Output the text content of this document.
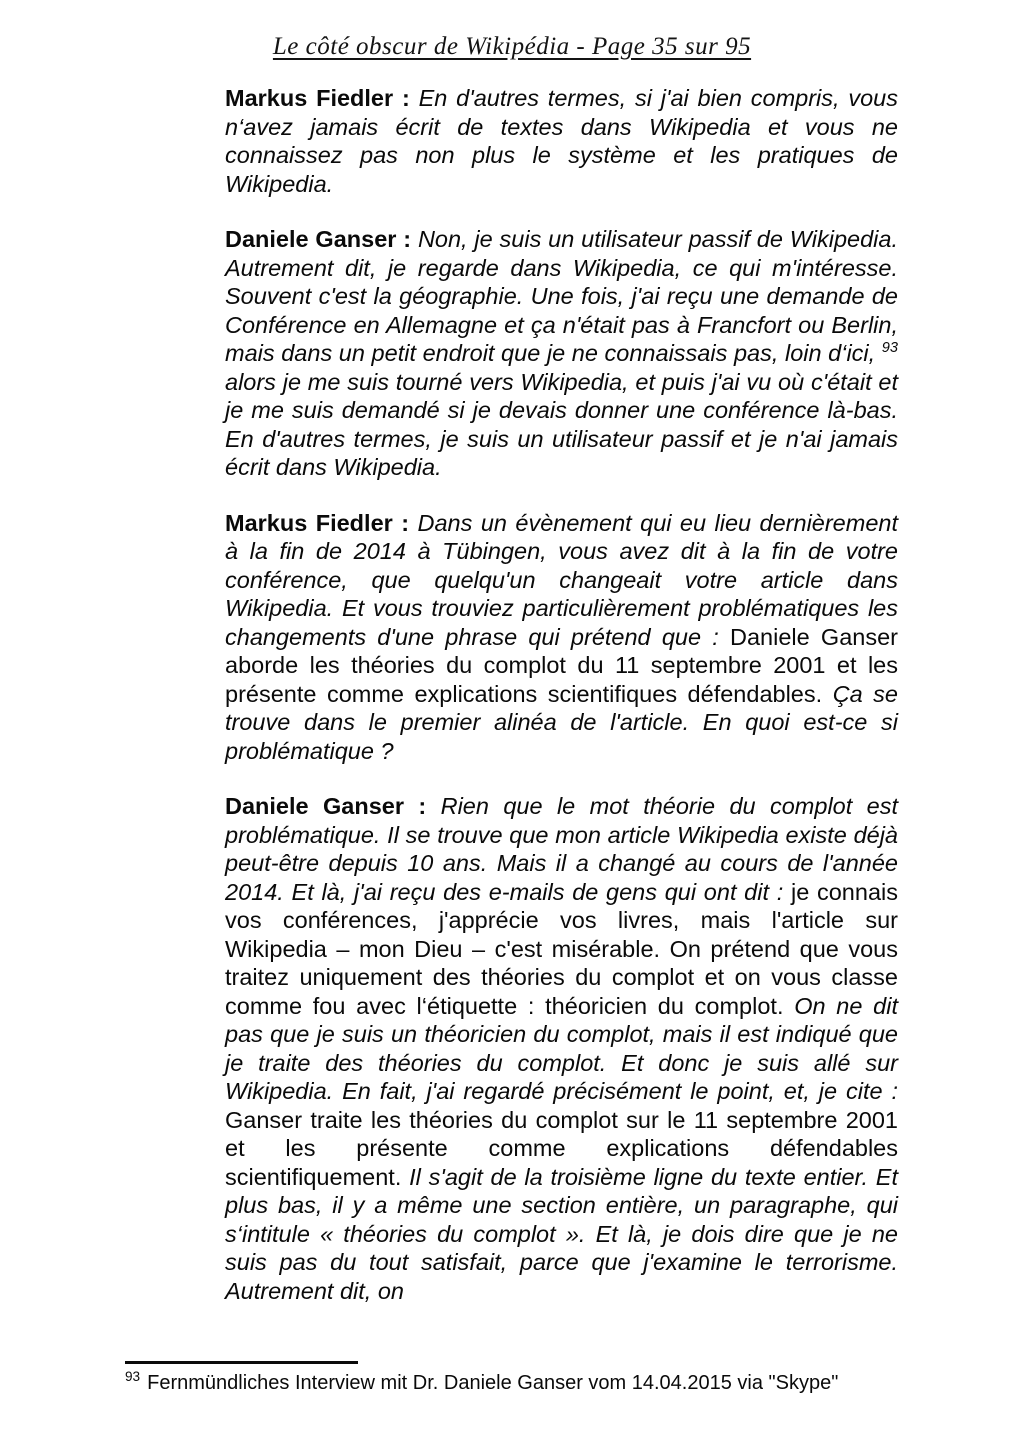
Le côté obscur de Wikipédia - Page 35 sur 95

Markus Fiedler : En d'autres termes, si j'ai bien compris, vous n‘avez jamais écrit de textes dans Wikipedia et vous ne connaissez pas non plus le système et les pratiques de Wikipedia.

Daniele Ganser : Non, je suis un utilisateur passif de Wikipedia. Autrement dit, je regarde dans Wikipedia, ce qui m'intéresse. Souvent c'est la géographie. Une fois, j'ai reçu une demande de Conférence en Allemagne et ça n'était pas à Francfort ou Berlin, mais dans un petit endroit que je ne connaissais pas, loin d‘ici, $^{93}$ alors je me suis tourné vers Wikipedia, et puis j'ai vu où c'était et je me suis demandé si je devais donner une conférence là-bas. En d'autres termes, je suis un utilisateur passif et je n'ai jamais écrit dans Wikipedia.

Markus Fiedler : Dans un évènement qui eu lieu dernièrement à la fin de 2014 à Tübingen, vous avez dit à la fin de votre conférence, que quelqu'un changeait votre article dans Wikipedia. Et vous trouviez particulièrement problématiques les changements d'une phrase qui prétend que : Daniele Ganser aborde les théories du complot du 11 septembre 2001 et les présente comme explications scientifiques défendables. Ça se trouve dans le premier alinéa de l'article. En quoi est-ce si problématique ?

Daniele Ganser : Rien que le mot théorie du complot est problématique. Il se trouve que mon article Wikipedia existe déjà peut-être depuis 10 ans. Mais il a changé au cours de l'année 2014. Et là, j'ai reçu des e-mails de gens qui ont dit : je connais vos conférences, j'apprécie vos livres, mais l'article sur Wikipedia – mon Dieu – c'est misérable. On prétend que vous traitez uniquement des théories du complot et on vous classe comme fou avec l‘étiquette : théoricien du complot. On ne dit pas que je suis un théoricien du complot, mais il est indiqué que je traite des théories du complot. Et donc je suis allé sur Wikipedia. En fait, j'ai regardé précisément le point, et, je cite : Ganser traite les théories du complot sur le 11 septembre 2001 et les présente comme explications défendables scientifiquement. Il s'agit de la troisième ligne du texte entier. Et plus bas, il y a même une section entière, un paragraphe, qui s‘intitule « théories du complot ». Et là, je dois dire que je ne suis pas du tout satisfait, parce que j'examine le terrorisme. Autrement dit, on

$^{93}$ Fernmündliches Interview mit Dr. Daniele Ganser vom 14.04.2015 via "Skype"
